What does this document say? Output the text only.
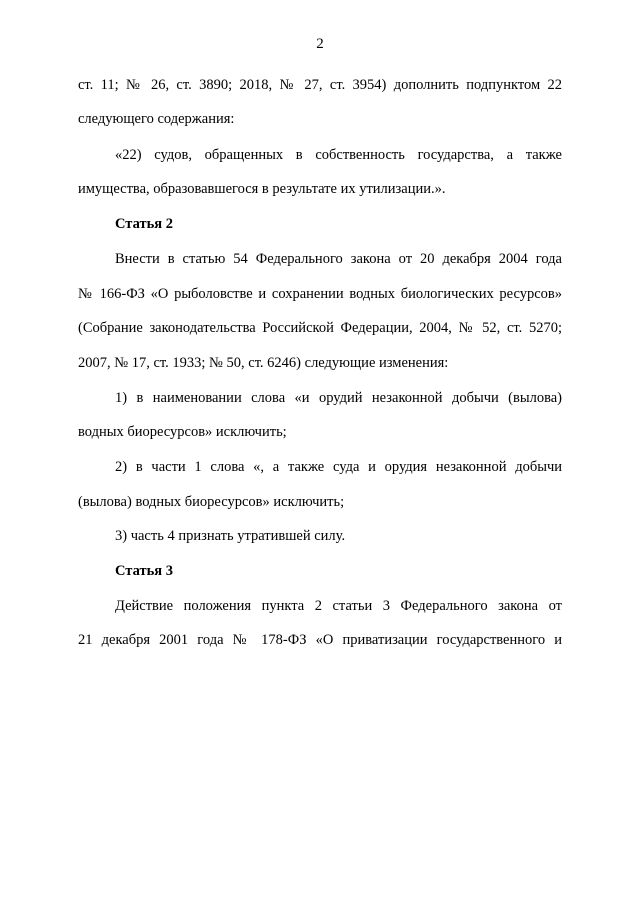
2
ст. 11; № 26, ст. 3890; 2018, № 27, ст. 3954) дополнить подпунктом 22
следующего содержания:
«22) судов, обращенных в собственность государства, а также
имущества, образовавшегося в результате их утилизации.».
Статья 2
Внести в статью 54 Федерального закона от 20 декабря 2004 года
№ 166-ФЗ «О рыболовстве и сохранении водных биологических ресурсов»
(Собрание законодательства Российской Федерации, 2004, № 52, ст. 5270;
2007, № 17, ст. 1933; № 50, ст. 6246) следующие изменения:
1) в наименовании слова «и орудий незаконной добычи (вылова)
водных биоресурсов» исключить;
2) в части 1 слова «, а также суда и орудия незаконной добычи
(вылова) водных биоресурсов» исключить;
3) часть 4 признать утратившей силу.
Статья 3
Действие положения пункта 2 статьи 3 Федерального закона от
21 декабря 2001 года № 178-ФЗ «О приватизации государственного и
